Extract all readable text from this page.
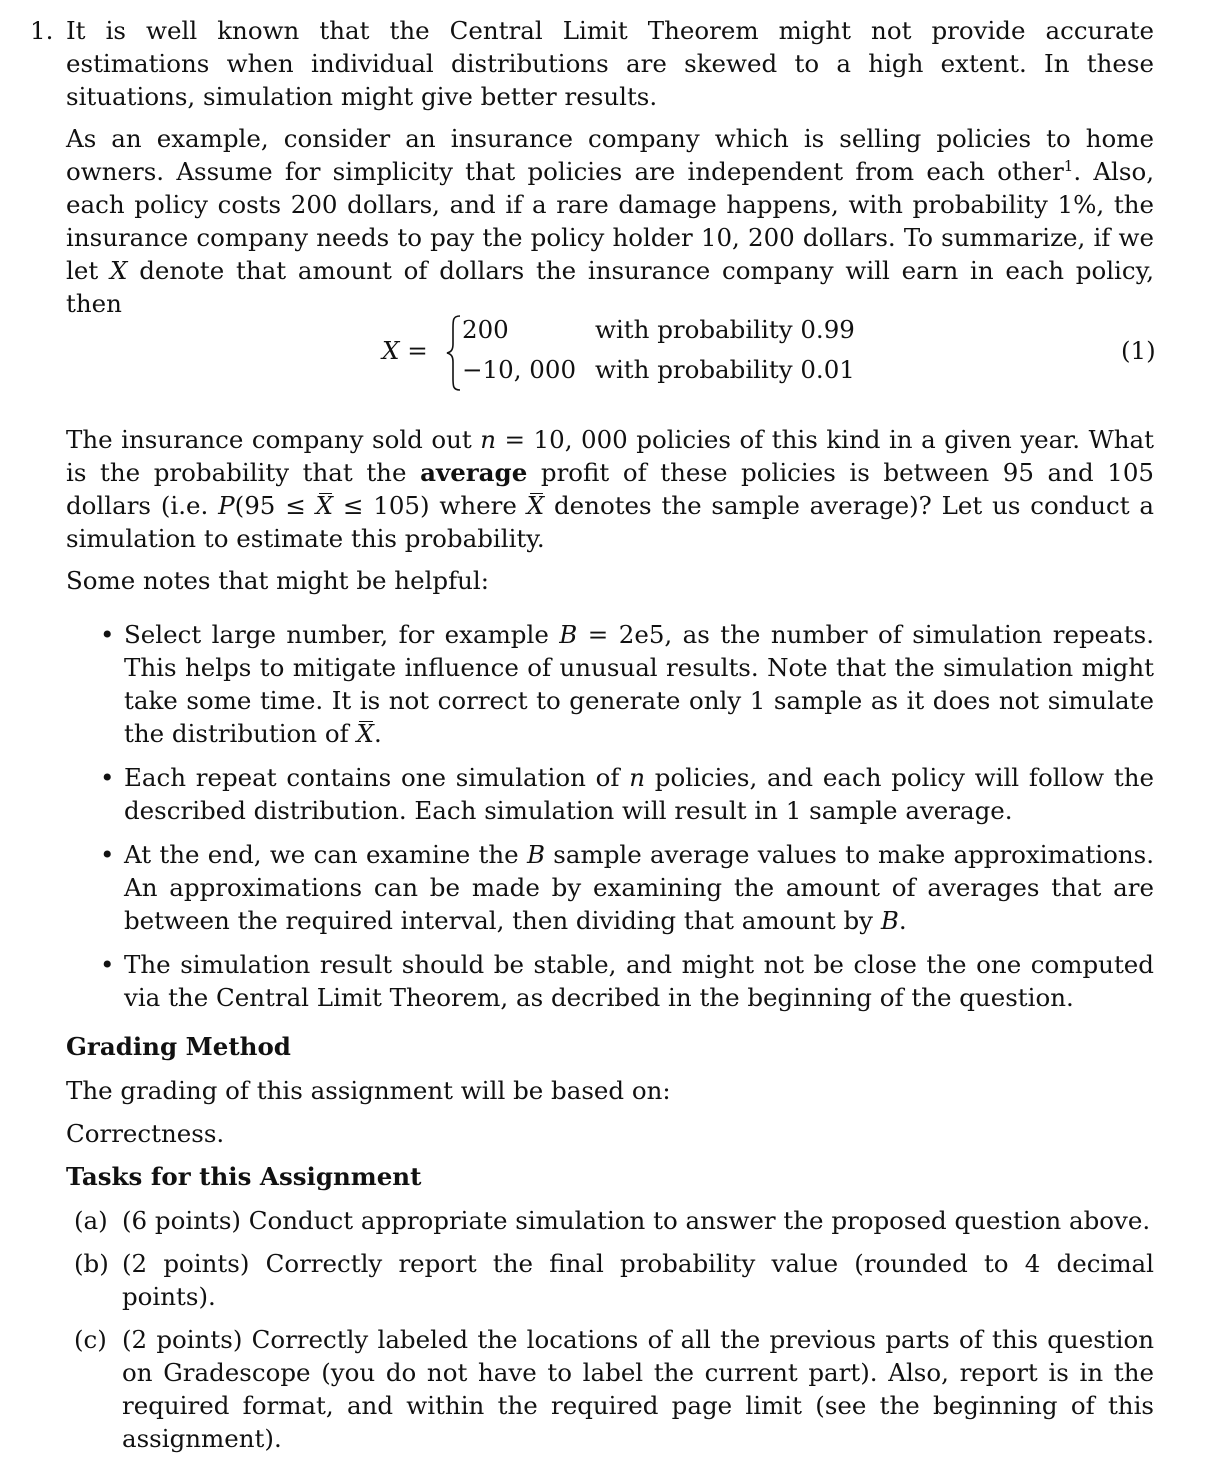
1. It is well known that the Central Limit Theorem might not provide accurate estimations when individual distributions are skewed to a high extent. In these situations, simulation might give better results.
As an example, consider an insurance company which is selling policies to home owners. Assume for simplicity that policies are independent from each other$^1$. Also, each policy costs 200 dollars, and if a rare damage happens, with probability 1%, the insurance company needs to pay the policy holder 10, 200 dollars. To summarize, if we let X denote that amount of dollars the insurance company will earn in each policy, then
X =
200
−10, 000
with probability 0.99
with probability 0.01
(1)
The insurance company sold out n = 10, 000 policies of this kind in a given year. What is the probability that the average profit of these policies is between 95 and 105 dollars (i.e. P(95 ≤ X ≤ 105) where X denotes the sample average)? Let us conduct a simulation to estimate this probability.
Some notes that might be helpful:
• Select large number, for example B = 2e5, as the number of simulation repeats. This helps to mitigate influence of unusual results. Note that the simulation might take some time. It is not correct to generate only 1 sample as it does not simulate the distribution of X.
• Each repeat contains one simulation of n policies, and each policy will follow the described distribution. Each simulation will result in 1 sample average.
• At the end, we can examine the B sample average values to make approximations. An approximations can be made by examining the amount of averages that are between the required interval, then dividing that amount by B.
• The simulation result should be stable, and might not be close the one computed via the Central Limit Theorem, as decribed in the beginning of the question.
Grading Method
The grading of this assignment will be based on:
Correctness.
Tasks for this Assignment
(a) (6 points) Conduct appropriate simulation to answer the proposed question above.
(b) (2 points) Correctly report the final probability value (rounded to 4 decimal points).
(c) (2 points) Correctly labeled the locations of all the previous parts of this question on Gradescope (you do not have to label the current part). Also, report is in the required format, and within the required page limit (see the beginning of this assignment).
